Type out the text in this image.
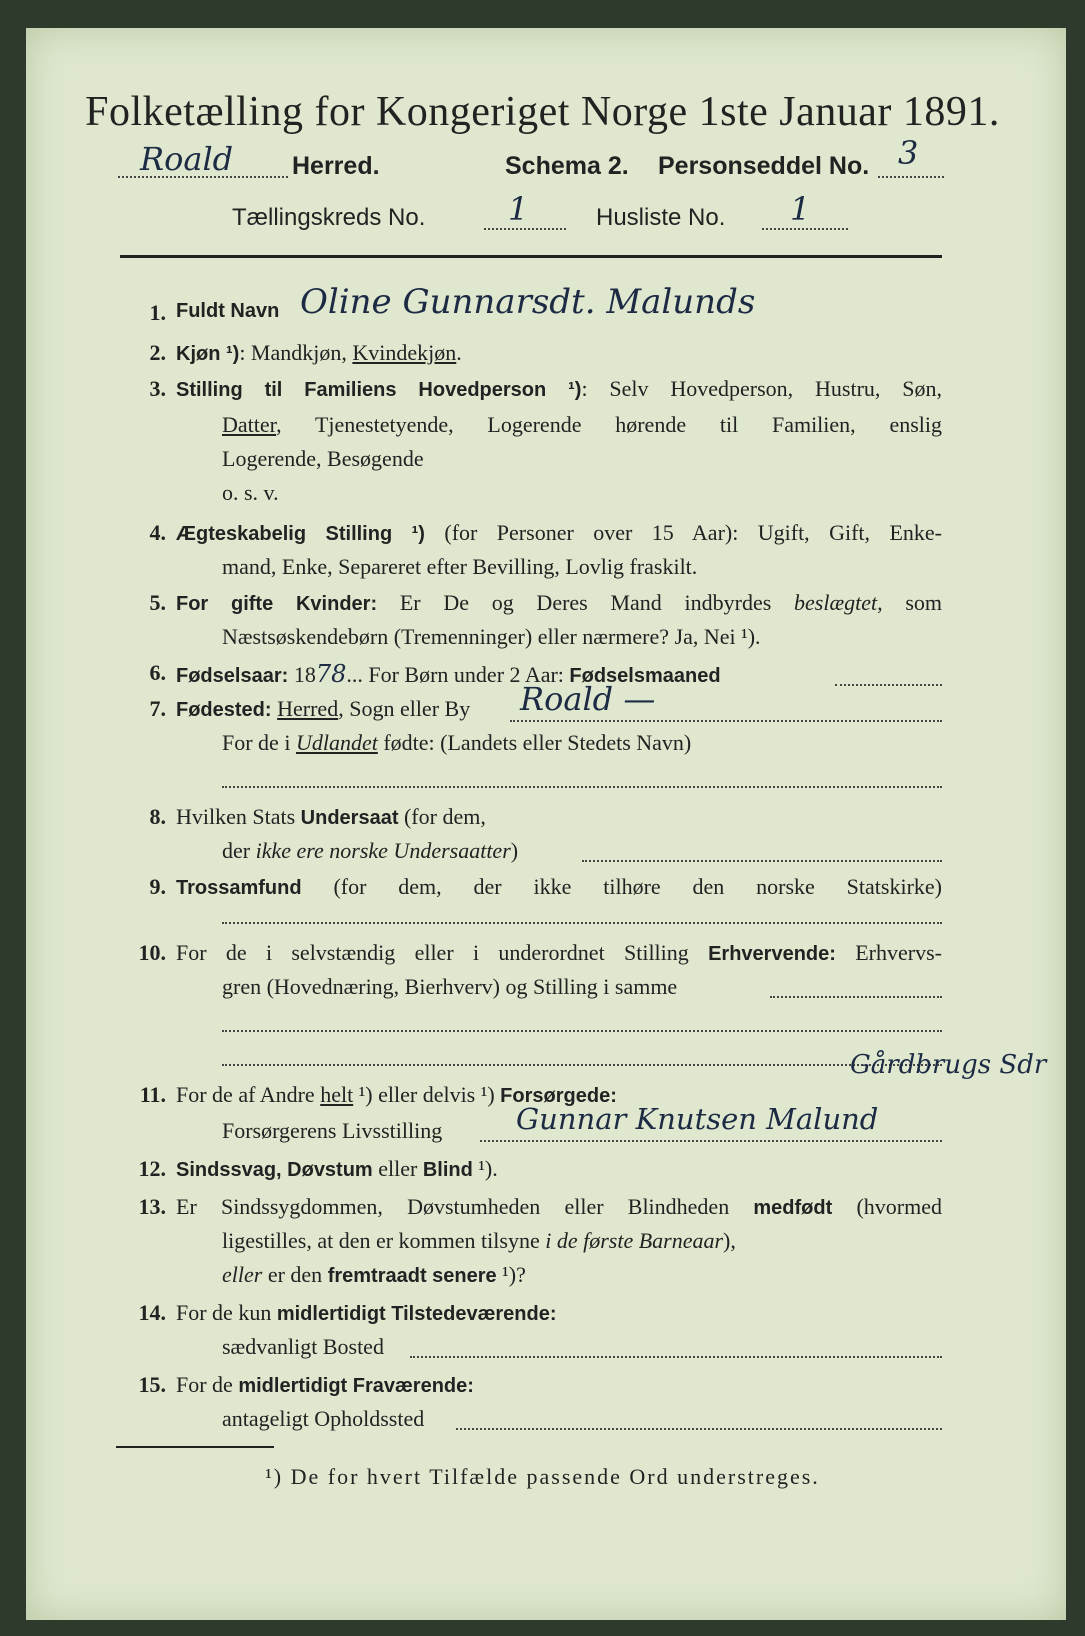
Folketælling for Kongeriget Norge 1ste Januar 1891.
Roald Herred.	Schema 2. Personseddel No. 3
Tællingskreds No.	1	Husliste No. 1
1. Fuldt Navn Oline Gunnarsdt. Malunds
2. Kjøn ¹): Mandkjøn, Kvindekjøn.
3. Stilling til Familiens Hovedperson ¹): Selv Hovedperson, Hustru, Søn,
Datter, Tjenestetyende, Logerende hørende til Familien, enslig
Logerende, Besøgende
o. s. v.
4. Ægteskabelig Stilling ¹) (for Personer over 15 Aar): Ugift, Gift, Enke-
mand, Enke, Separeret efter Bevilling, Lovlig fraskilt.
5. For gifte Kvinder: Er De og Deres Mand indbyrdes beslægtet, som
Næstsøskendebørn (Tremenninger) eller nærmere? Ja, Nei ¹).
6. Fødselsaar: 1878... For Børn under 2 Aar: Fødselsmaaned
7. Fødested: Herred, Sogn eller By Roald —
For de i Udlandet fødte: (Landets eller Stedets Navn)
8. Hvilken Stats Undersaat (for dem,
der ikke ere norske Undersaatter)
9. Trossamfund (for dem, der ikke tilhøre den norske Statskirke)
10. For de i selvstændig eller i underordnet Stilling Erhvervende: Erhvervs-
gren (Hovednæring, Bierhverv) og Stilling i samme
11. For de af Andre helt ¹) eller delvis ¹) Forsørgede:
Gårdbrugs Sdr
Forsørgerens Livsstilling	Gunnar Knutsen Malund
12. Sindssvag, Døvstum eller Blind ¹).
13. Er Sindssygdommen, Døvstumheden eller Blindheden medfødt (hvormed
ligestilles, at den er kommen tilsyne i de første Barneaar),
eller er den fremtraadt senere ¹)?
14. For de kun midlertidigt Tilstedeværende:
sædvanligt Bosted
15. For de midlertidigt Fraværende:
antageligt Opholdssted
¹) De for hvert Tilfælde passende Ord understreges.
